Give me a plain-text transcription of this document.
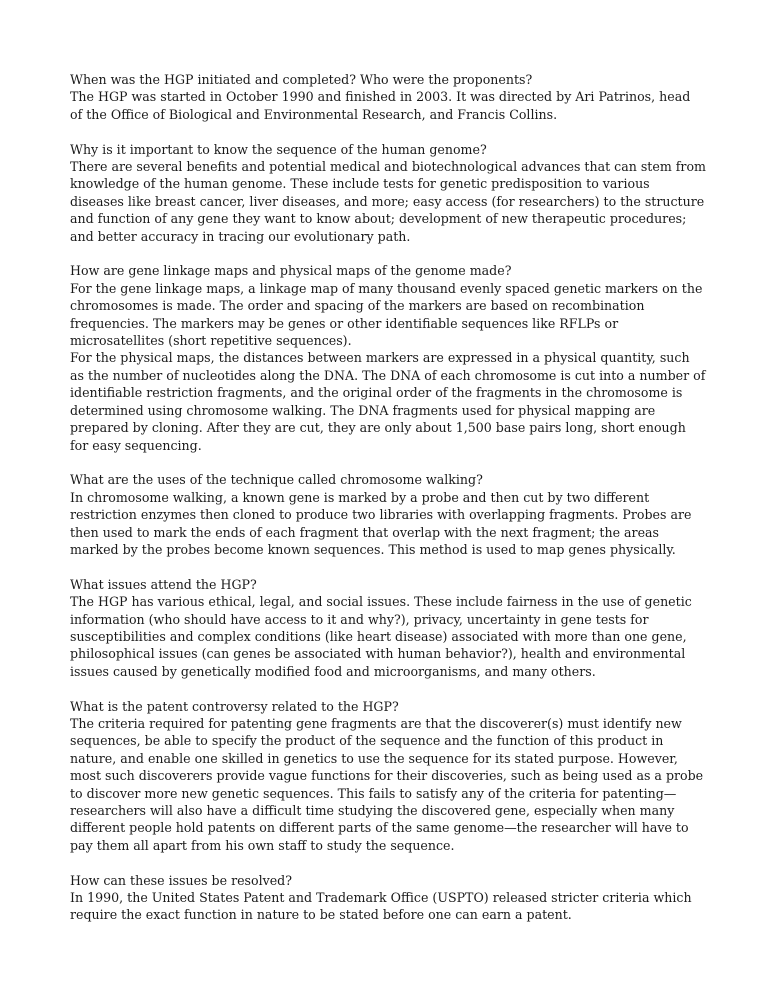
When was the HGP initiated and completed? Who were the proponents?

The HGP was started in October 1990 and finished in 2003. It was directed by Ari Patrinos, head of the Office of Biological and Environmental Research, and Francis Collins.

Why is it important to know the sequence of the human genome?

There are several benefits and potential medical and biotechnological advances that can stem from knowledge of the human genome. These include tests for genetic predisposition to various diseases like breast cancer, liver diseases, and more; easy access (for researchers) to the structure and function of any gene they want to know about; development of new therapeutic procedures; and better accuracy in tracing our evolutionary path.

How are gene linkage maps and physical maps of the genome made?

For the gene linkage maps, a linkage map of many thousand evenly spaced genetic markers on the chromosomes is made. The order and spacing of the markers are based on recombination frequencies. The markers may be genes or other identifiable sequences like RFLPs or microsatellites (short repetitive sequences).

For the physical maps, the distances between markers are expressed in a physical quantity, such as the number of nucleotides along the DNA. The DNA of each chromosome is cut into a number of identifiable restriction fragments, and the original order of the fragments in the chromosome is determined using chromosome walking. The DNA fragments used for physical mapping are prepared by cloning. After they are cut, they are only about 1,500 base pairs long, short enough for easy sequencing.

What are the uses of the technique called chromosome walking?

In chromosome walking, a known gene is marked by a probe and then cut by two different restriction enzymes then cloned to produce two libraries with overlapping fragments. Probes are then used to mark the ends of each fragment that overlap with the next fragment; the areas marked by the probes become known sequences. This method is used to map genes physically.

What issues attend the HGP?

The HGP has various ethical, legal, and social issues. These include fairness in the use of genetic information (who should have access to it and why?), privacy, uncertainty in gene tests for susceptibilities and complex conditions (like heart disease) associated with more than one gene, philosophical issues (can genes be associated with human behavior?), health and environmental issues caused by genetically modified food and microorganisms, and many others.

What is the patent controversy related to the HGP?

The criteria required for patenting gene fragments are that the discoverer(s) must identify new sequences, be able to specify the product of the sequence and the function of this product in nature, and enable one skilled in genetics to use the sequence for its stated purpose. However, most such discoverers provide vague functions for their discoveries, such as being used as a probe to discover more new genetic sequences. This fails to satisfy any of the criteria for patenting—researchers will also have a difficult time studying the discovered gene, especially when many different people hold patents on different parts of the same genome—the researcher will have to pay them all apart from his own staff to study the sequence.

How can these issues be resolved?

In 1990, the United States Patent and Trademark Office (USPTO) released stricter criteria which require the exact function in nature to be stated before one can earn a patent.
